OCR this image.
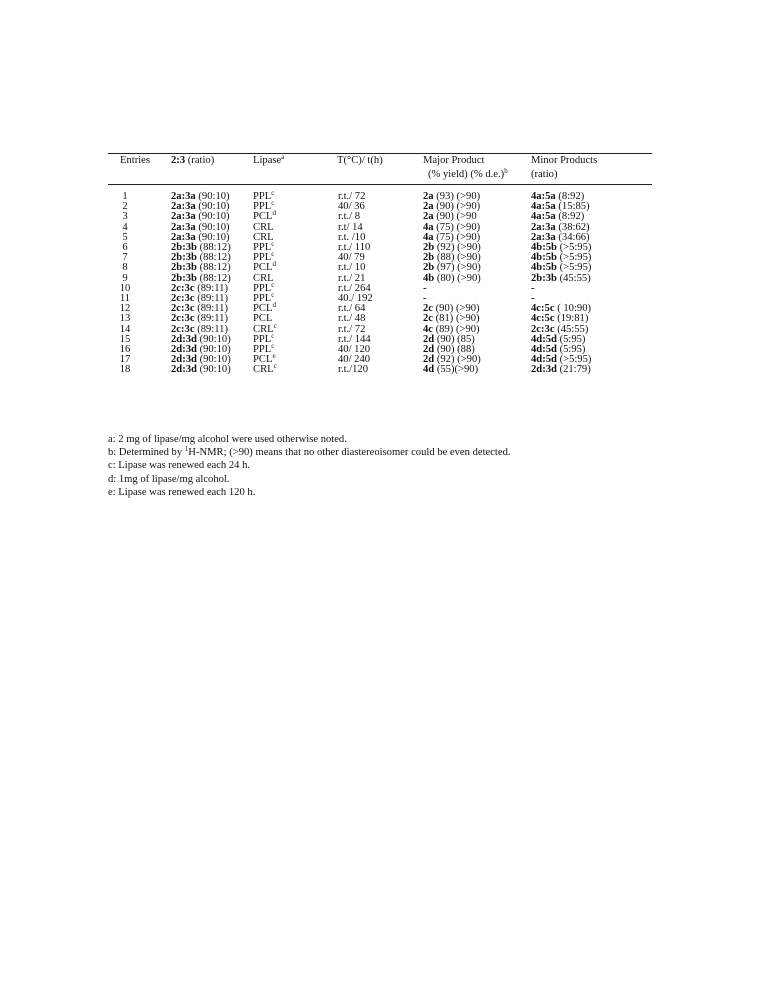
Entries	2:3 (ratio)	Lipase$^a$	T(°C)/ t(h)	Major Product	Minor Products
				(% yield) (% d.e.)$^b$	(ratio)
1	2a:3a (90:10)	PPL$^c$	r.t./ 72	2a (93) (>90)	4a:5a (8:92)
2	2a:3a (90:10)	PPL$^c$	40/ 36	2a (90) (>90)	4a:5a (15:85)
3	2a:3a (90:10)	PCL$^d$	r.t./ 8	2a (90) (>90	4a:5a (8:92)
4	2a:3a (90:10)	CRL	r.t/ 14	4a (75) (>90)	2a:3a (38:62)
5	2a:3a (90:10)	CRL	r.t. /10	4a (75) (>90)	2a:3a (34:66)
6	2b:3b (88:12)	PPL$^c$	r.t./ 110	2b (92) (>90)	4b:5b (>5:95)
7	2b:3b (88:12)	PPL$^c$	40/ 79	2b (88) (>90)	4b:5b (>5:95)
8	2b:3b (88:12)	PCL$^d$	r.t./ 10	2b (97) (>90)	4b:5b (>5:95)
9	2b:3b (88:12)	CRL	r.t./ 21	4b (80) (>90)	2b:3b (45:55)
10	2c:3c (89:11)	PPL$^c$	r.t./ 264	-	-
11	2c:3c (89:11)	PPL$^c$	40./ 192	-	-
12	2c:3c (89:11)	PCL$^d$	r.t./ 64	2c (90) (>90)	4c:5c ( 10:90)
13	2c:3c (89:11)	PCL	r.t./ 48	2c (81) (>90)	4c:5c (19:81)
14	2c:3c (89:11)	CRL$^c$	r.t./ 72	4c (89) (>90)	2c:3c (45:55)
15	2d:3d (90:10)	PPL$^c$	r.t./ 144	2d (90) (85)	4d:5d (5:95)
16	2d:3d (90:10)	PPL$^c$	40/ 120	2d (90) (88)	4d:5d (5:95)
17	2d:3d (90:10)	PCL$^e$	40/ 240	2d (92) (>90)	4d:5d (>5:95)
18	2d:3d (90:10)	CRL$^c$	r.t./120	4d (55)(>90)	2d:3d (21:79)
a: 2 mg of lipase/mg alcohol were used otherwise noted.
b: Determined by $^1$H-NMR; (>90) means that no other diastereoisomer could be even detected.
c: Lipase was renewed each 24 h.
d: 1mg of lipase/mg alcohol.
e: Lipase was renewed each 120 h.
